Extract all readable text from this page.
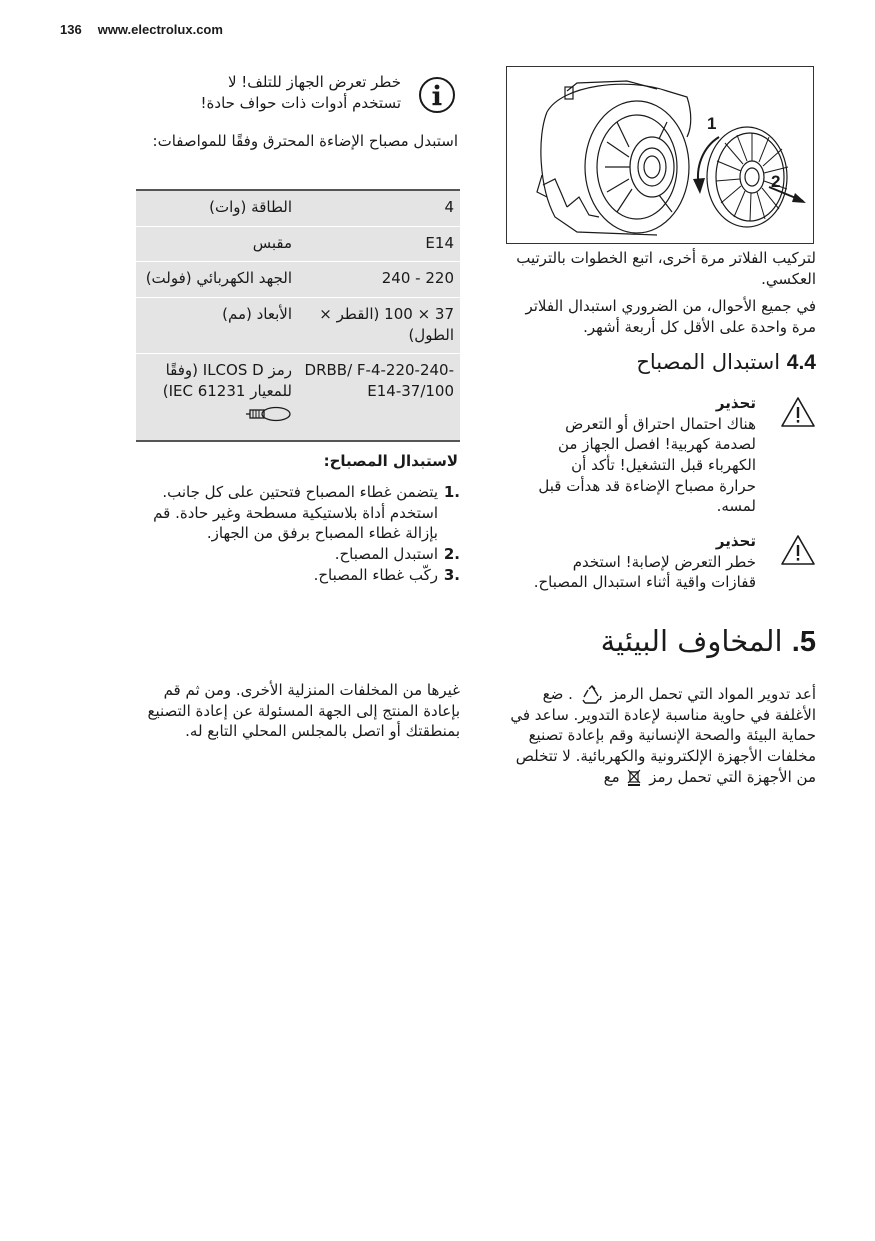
136 www.electrolux.com
خطر تعرض الجهاز للتلف! لا تستخدم أدوات ذات حواف حادة!
استبدل مصباح الإضاءة المحترق وفقًا للمواصفات:
الطاقة (وات)	4
مقبس	E14
الجهد الكهربائي (فولت)	220 - 240
الأبعاد (مم)	37 × 100 (القطر × الطول)
رمز ILCOS D (وفقًا للمعيار IEC 61231)	DRBB/ F-4-220-240- E14-37/100
لاستبدال المصباح:
1.
يتضمن غطاء المصباح فتحتين على كل جانب. استخدم أداة بلاستيكية مسطحة وغير حادة. قم بإزالة غطاء المصباح برفق من الجهاز.
2.
استبدل المصباح.
3.
ركّب غطاء المصباح.
غيرها من المخلفات المنزلية الأخرى. ومن ثم قم بإعادة المنتج إلى الجهة المسئولة عن إعادة التصنيع بمنطقتك أو اتصل بالمجلس المحلي التابع له.
1
2
لتركيب الفلاتر مرة أخرى، اتبع الخطوات بالترتيب العكسي.
في جميع الأحوال، من الضروري استبدال الفلاتر مرة واحدة على الأقل كل أربعة أشهر.
4.4 استبدال المصباح
تحذير
هناك احتمال احتراق أو التعرض لصدمة كهربية! افصل الجهاز من الكهرباء قبل التشغيل! تأكد أن حرارة مصباح الإضاءة قد هدأت قبل لمسه.
تحذير
خطر التعرض لإصابة! استخدم قفازات واقية أثناء استبدال المصباح.
5. المخاوف البيئية
أعد تدوير المواد التي تحمل الرمز  . ضع الأغلفة في حاوية مناسبة لإعادة التدوير. ساعد في حماية البيئة والصحة الإنسانية وقم بإعادة تصنيع مخلفات الأجهزة الإلكترونية والكهربائية. لا تتخلص من الأجهزة التي تحمل رمز  مع
